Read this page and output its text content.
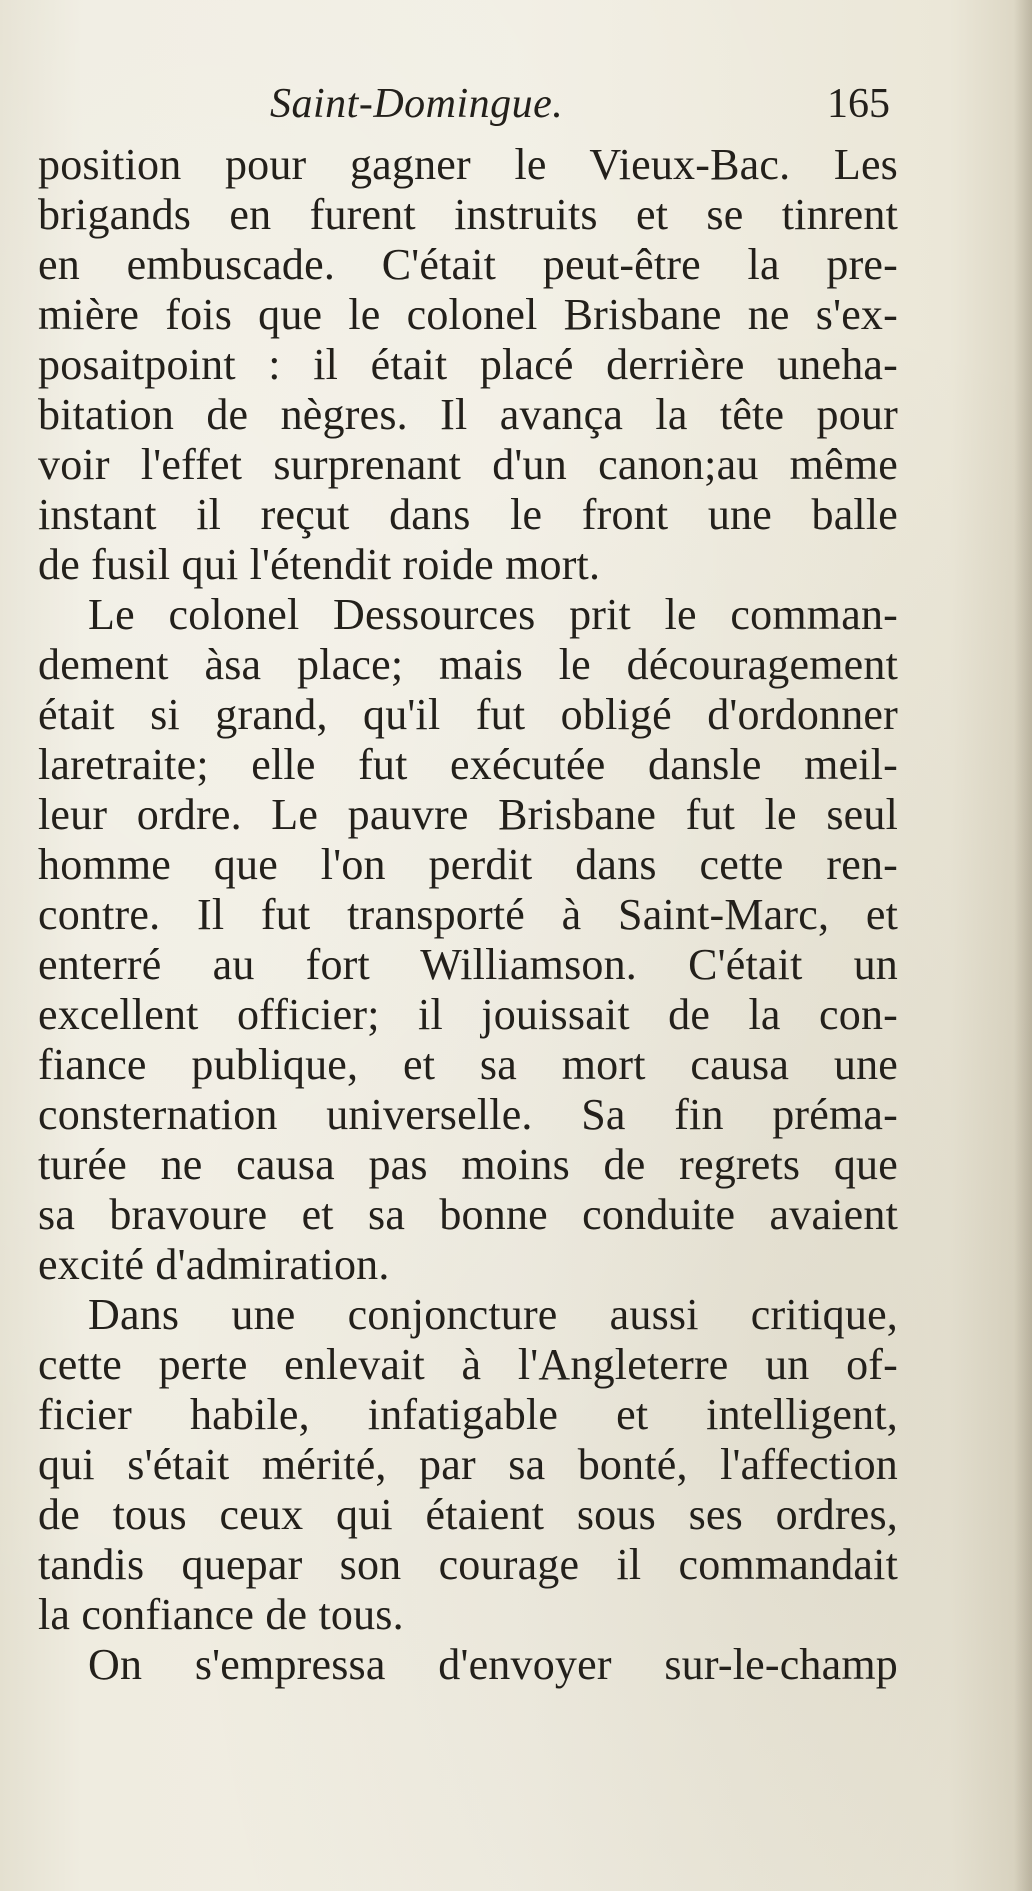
Saint-Domingue.	165
position pour gagner le Vieux-Bac. Les
brigands en furent instruits et se tinrent
en embuscade. C'était peut-être la pre-
mière fois que le colonel Brisbane ne s'ex-
posaitpoint : il était placé derrière uneha-
bitation de nègres. Il avança la tête pour
voir l'effet surprenant d'un canon;au même
instant il reçut dans le front une balle
de fusil qui l'étendit roide mort.
Le colonel Dessources prit le comman-
dement àsa place; mais le découragement
était si grand, qu'il fut obligé d'ordonner
laretraite; elle fut exécutée dansle meil-
leur ordre. Le pauvre Brisbane fut le seul
homme que l'on perdit dans cette ren-
contre. Il fut transporté à Saint-Marc, et
enterré au fort Williamson. C'était un
excellent officier; il jouissait de la con-
fiance publique, et sa mort causa une
consternation universelle. Sa fin préma-
turée ne causa pas moins de regrets que
sa bravoure et sa bonne conduite avaient
excité d'admiration.
Dans une conjoncture aussi critique,
cette perte enlevait à l'Angleterre un of-
ficier habile, infatigable et intelligent,
qui s'était mérité, par sa bonté, l'affection
de tous ceux qui étaient sous ses ordres,
tandis quepar son courage il commandait
la confiance de tous.
On s'empressa d'envoyer sur-le-champ
